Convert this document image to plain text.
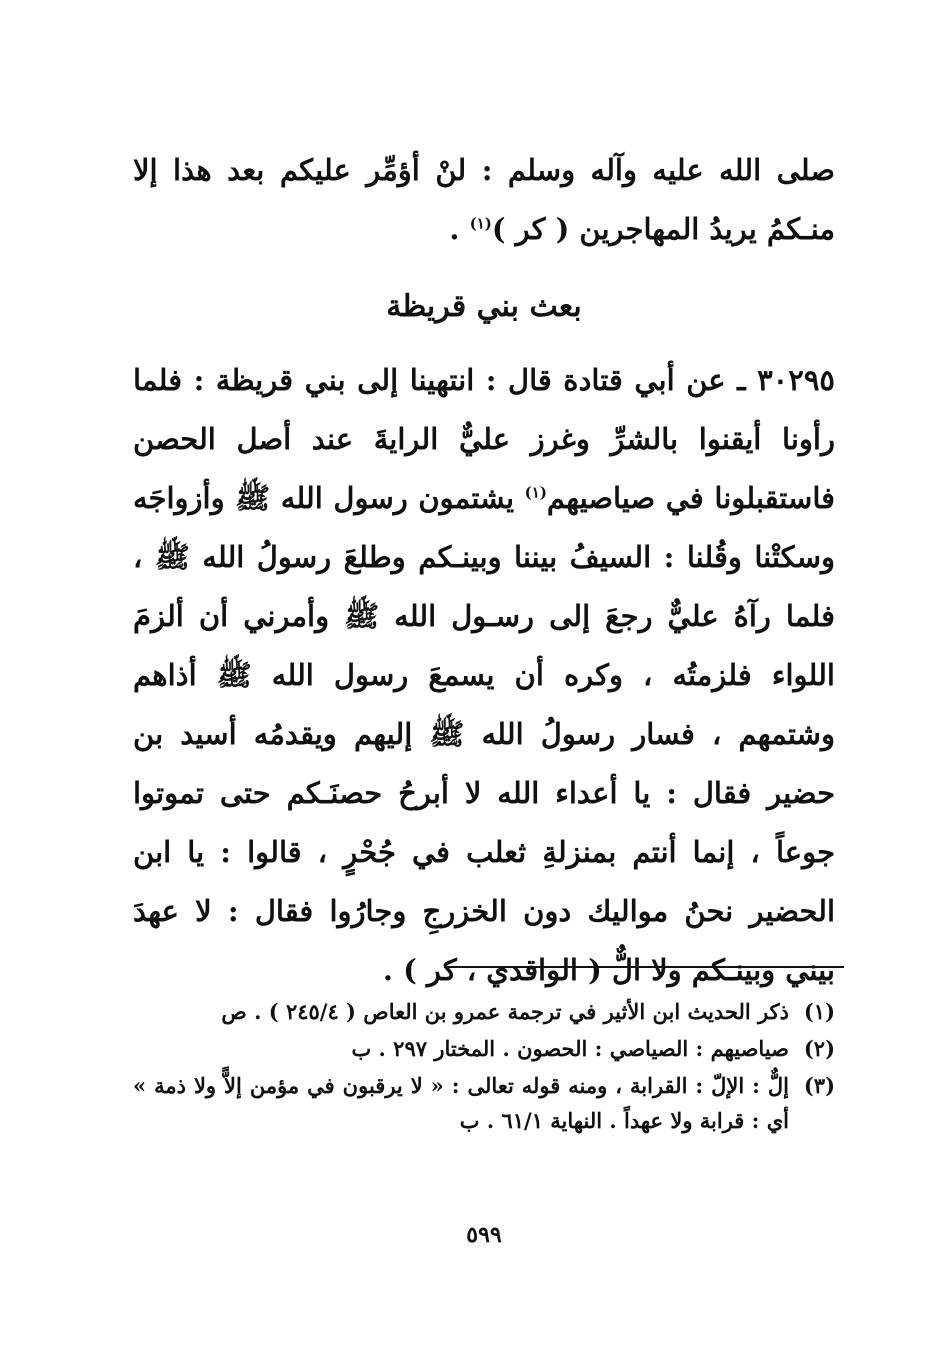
صلى الله عليه وآله وسلم : لنْ أؤمِّر عليكم بعد هذا إلا منـكمُ يريدُ المهاجرين ( كر )$^{(١)}$ .

بعث بني قريظة

٣٠٢٩٥ ـ عن أبي قتادة قال : انتهينا إلى بني قريظة : فلما رأونا أيقنوا بالشرِّ وغرز عليٌّ الرايةَ عند أصل الحصن فاستقبلونا في صياصيهم$^{(١)}$ يشتمون رسول الله ﷺ وأزواجَه وسكتْنا وقُلنا : السيفُ بيننا وبينـكم وطلعَ رسولُ الله ﷺ ، فلما رآهُ عليٌّ رجعَ إلى رسـول الله ﷺ وأمرني أن ألزمَ اللواء فلزمتُه ، وكره أن يسمعَ رسول الله ﷺ أذاهم وشتمهم ، فسار رسولُ الله ﷺ إليهم ويقدمُه أسيد بن حضير فقال : يا أعداء الله لا أبرحُ حصنَـكم حتى تموتوا جوعاً ، إنما أنتم بمنزلةِ ثعلب في جُحْرٍ ، قالوا : يا ابن الحضير نحنُ مواليك دون الخزرجِ وجارُوا فقال : لا عهدَ بيني وبينـكم ولا الٌّ ( الواقدي ، كر ) .

(١)
ذكر الحديث ابن الأثير في ترجمة عمرو بن العاص ( ٢٤٥/٤ ) . ص
(٢)
صياصيهم : الصياصي : الحصون . المختار ٢٩٧ . ب
(٣)
إلٌّ : الإلّ : القرابة ، ومنه قوله تعالى : « لا يرقبون في مؤمن إلاًّ ولا ذمة » أي : قرابة ولا عهداً . النهاية ٦١/١ . ب
٥٩٩
